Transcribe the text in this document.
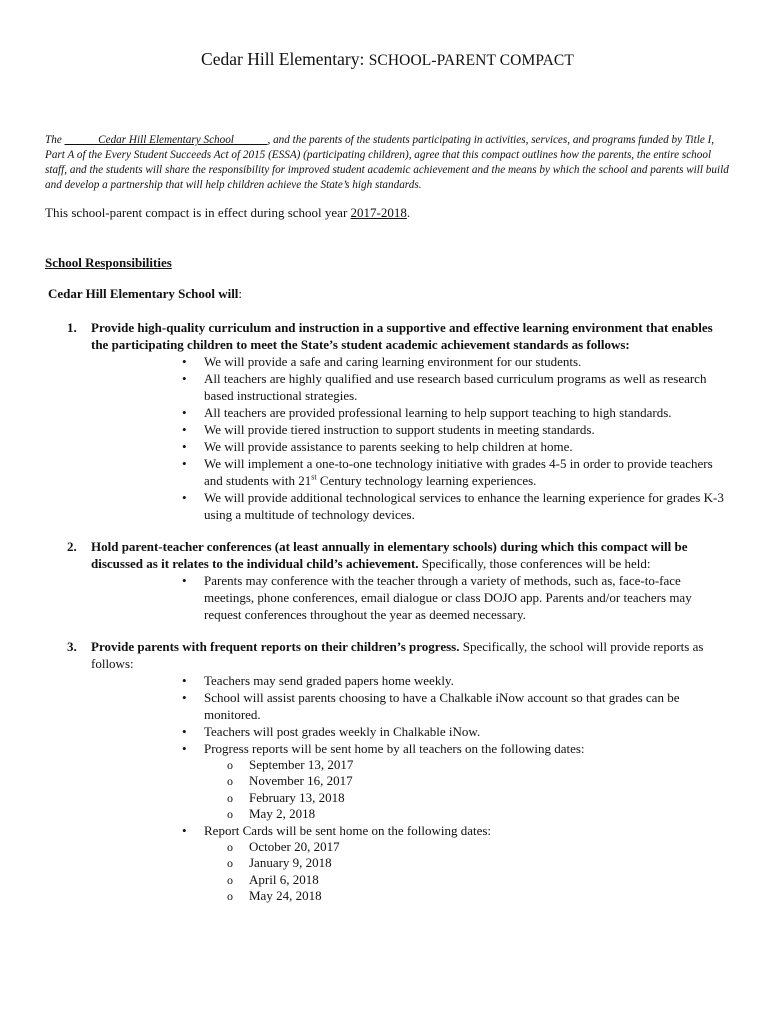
Cedar Hill Elementary: SCHOOL-PARENT COMPACT

The ______Cedar Hill Elementary School______, and the parents of the students participating in activities, services, and programs funded by Title I, Part A of the Every Student Succeeds Act of 2015 (ESSA) (participating children), agree that this compact outlines how the parents, the entire school staff, and the students will share the responsibility for improved student academic achievement and the means by which the school and parents will build and develop a partnership that will help children achieve the State’s high standards.

This school-parent compact is in effect during school year 2017-2018.

School Responsibilities

Cedar Hill Elementary School will:

1. Provide high-quality curriculum and instruction in a supportive and effective learning environment that enables the participating children to meet the State’s student academic achievement standards as follows:
• We will provide a safe and caring learning environment for our students.
• All teachers are highly qualified and use research based curriculum programs as well as research based instructional strategies.
• All teachers are provided professional learning to help support teaching to high standards.
• We will provide tiered instruction to support students in meeting standards.
• We will provide assistance to parents seeking to help children at home.
• We will implement a one-to-one technology initiative with grades 4-5 in order to provide teachers and students with 21st Century technology learning experiences.
• We will provide additional technological services to enhance the learning experience for grades K-3 using a multitude of technology devices.
2. Hold parent-teacher conferences (at least annually in elementary schools) during which this compact will be discussed as it relates to the individual child’s achievement. Specifically, those conferences will be held:
• Parents may conference with the teacher through a variety of methods, such as, face-to-face meetings, phone conferences, email dialogue or class DOJO app. Parents and/or teachers may request conferences throughout the year as deemed necessary.
3. Provide parents with frequent reports on their children’s progress. Specifically, the school will provide reports as follows:
• Teachers may send graded papers home weekly.
• School will assist parents choosing to have a Chalkable iNow account so that grades can be monitored.
• Teachers will post grades weekly in Chalkable iNow.
• Progress reports will be sent home by all teachers on the following dates:
o September 13, 2017
o November 16, 2017
o February 13, 2018
o May 2, 2018
• Report Cards will be sent home on the following dates:
o October 20, 2017
o January 9, 2018
o April 6, 2018
o May 24, 2018
